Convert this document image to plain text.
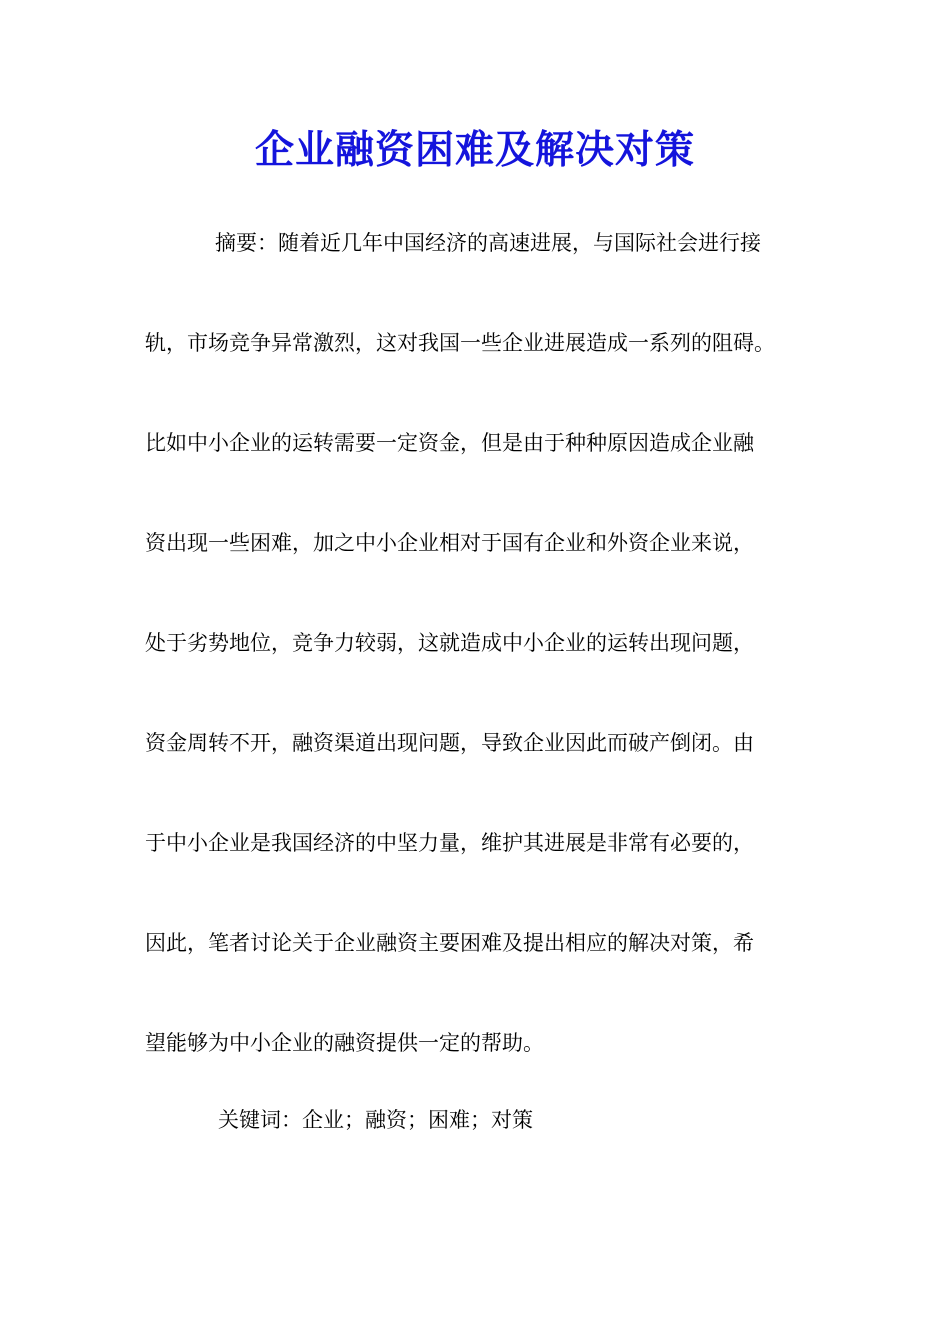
企业融资困难及解决对策
摘要：随着近几年中国经济的高速进展，与国际社会进行接
轨，市场竞争异常激烈，这对我国一些企业进展造成一系列的阻碍。
比如中小企业的运转需要一定资金，但是由于种种原因造成企业融
资出现一些困难，加之中小企业相对于国有企业和外资企业来说，
处于劣势地位，竞争力较弱，这就造成中小企业的运转出现问题，
资金周转不开，融资渠道出现问题，导致企业因此而破产倒闭。由
于中小企业是我国经济的中坚力量，维护其进展是非常有必要的，
因此，笔者讨论关于企业融资主要困难及提出相应的解决对策，希
望能够为中小企业的融资提供一定的帮助。
关键词：企业；融资；困难；对策
